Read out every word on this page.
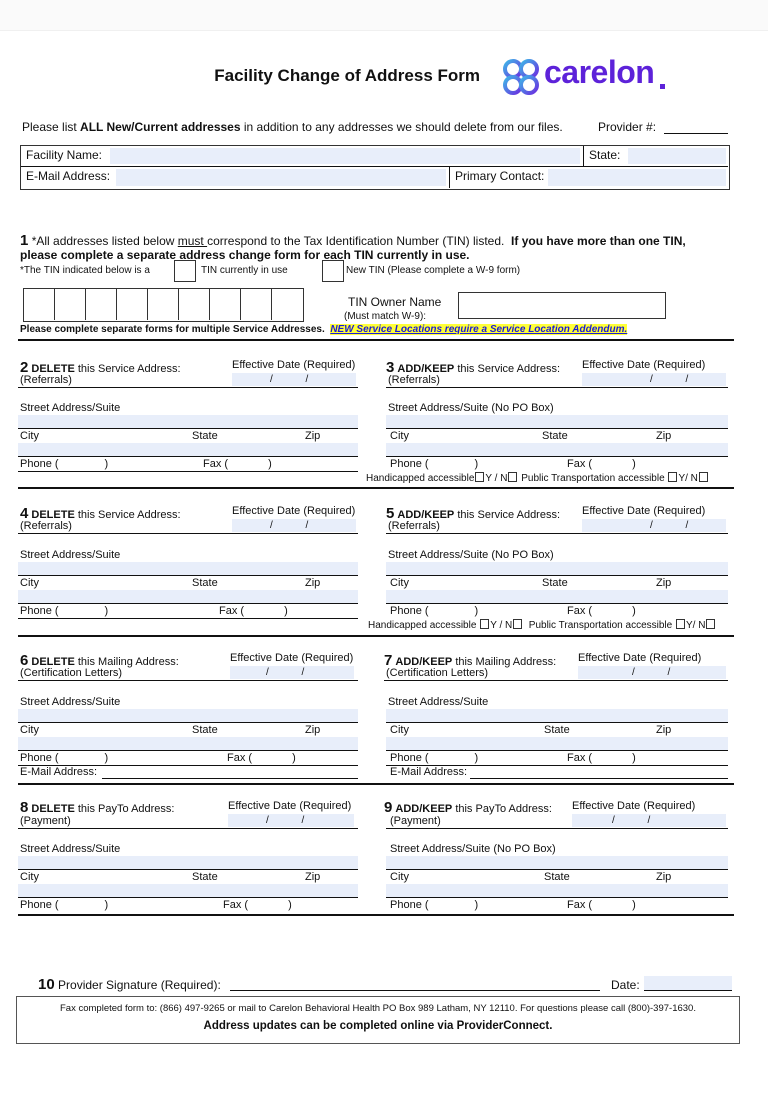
Facility Change of Address Form carelon
Please list ALL New/Current addresses in addition to any addresses we should delete from our files.	Provider #:
Facility Name:	State:
E-Mail Address:	Primary Contact:
1 *All addresses listed below must correspond to the Tax Identification Number (TIN) listed. If you have more than one TIN,
please complete a separate address change form for each TIN currently in use.
*The TIN indicated below is a	TIN currently in use	New TIN (Please complete a W-9 form)
TIN Owner Name
(Must match W-9):
Please complete separate forms for multiple Service Addresses. NEW Service Locations require a Service Location Addendum.
2 DELETE this Service Address:
(Referrals)
Effective Date (Required)
/ /
Street Address/Suite
City	State	Zip
Phone (	)	Fax (	)
3 ADD/KEEP this Service Address:
(Referrals)
Effective Date (Required)
/ /
Street Address/Suite (No PO Box)
City	State	Zip
Phone (	)	Fax (	)
Handicapped accessible Y / N Public Transportation accessible Y/ N
4 DELETE this Service Address:
(Referrals)
Effective Date (Required)
/ /
Street Address/Suite
City	State	Zip
Phone (	)	Fax (	)
5 ADD/KEEP this Service Address:
(Referrals)
Effective Date (Required)
/ /
Street Address/Suite (No PO Box)
City	State	Zip
Phone (	)	Fax (	)
Handicapped accessible Y / N Public Transportation accessible Y/ N
6 DELETE this Mailing Address:
(Certification Letters)
Effective Date (Required)
/ /
Street Address/Suite
City	State	Zip
Phone (	)	Fax (	)
E-Mail Address:
7 ADD/KEEP this Mailing Address:
(Certification Letters)
Effective Date (Required)
/ /
Street Address/Suite
City	State	Zip
Phone (	)	Fax (	)
E-Mail Address:
8 DELETE this PayTo Address:
(Payment)
Effective Date (Required)
/ /
Street Address/Suite
City	State	Zip
Phone (	)	Fax (	)
9 ADD/KEEP this PayTo Address:
(Payment)
Effective Date (Required)
/ /
Street Address/Suite (No PO Box)
City	State	Zip
Phone (	)	Fax (	)
10 Provider Signature (Required):	Date:
Fax completed form to: (866) 497-9265 or mail to Carelon Behavioral Health PO Box 989 Latham, NY 12110. For questions please call (800)-397-1630.
Address updates can be completed online via ProviderConnect.
